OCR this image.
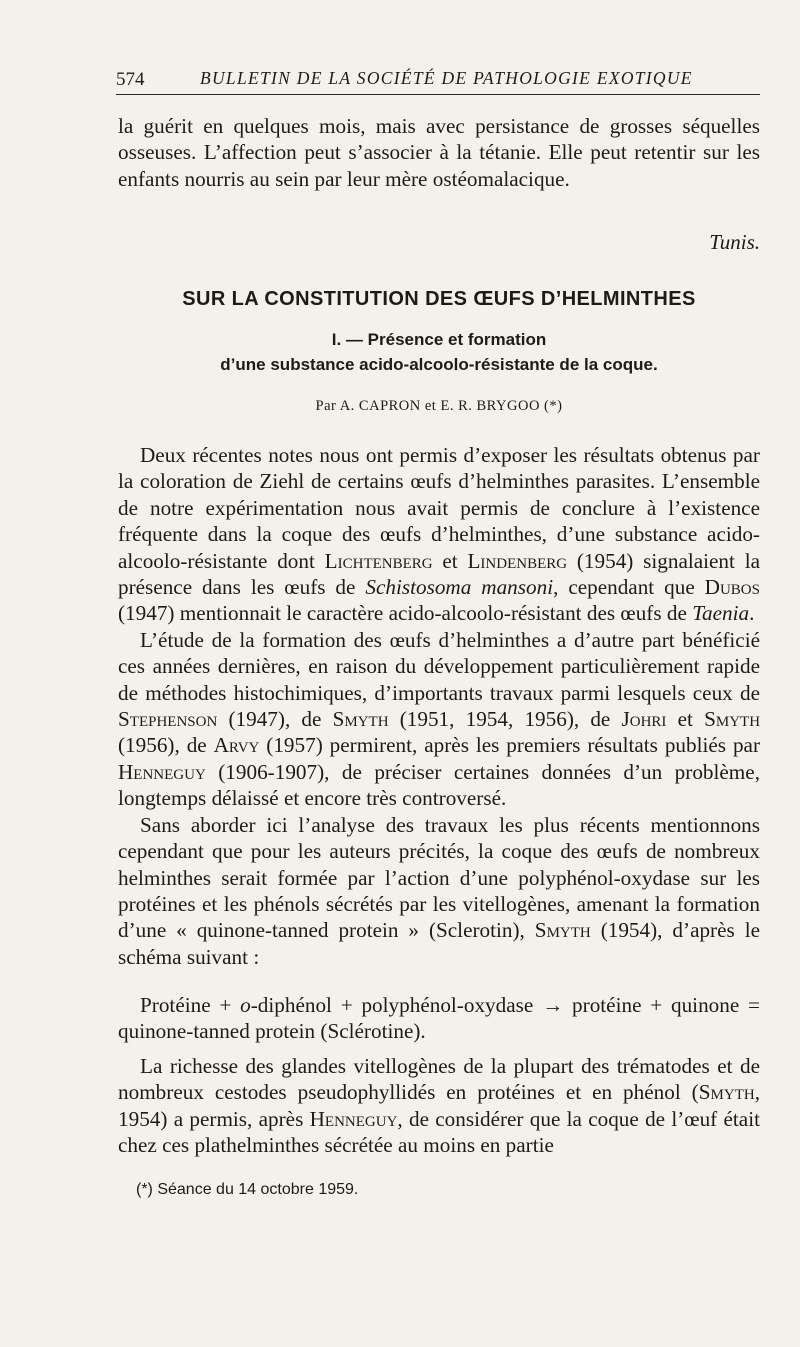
574	BULLETIN DE LA SOCIÉTÉ DE PATHOLOGIE EXOTIQUE

la guérit en quelques mois, mais avec persistance de grosses séquelles osseuses. L’affection peut s’associer à la tétanie. Elle peut retentir sur les enfants nourris au sein par leur mère ostéomalacique.

Tunis.
SUR LA CONSTITUTION DES ŒUFS D’HELMINTHES
I. — Présence et formation
d’une substance acido-alcoolo-résistante de la coque.
Par A. CAPRON et E. R. BRYGOO (*)

Deux récentes notes nous ont permis d’exposer les résultats obtenus par la coloration de Ziehl de certains œufs d’helminthes parasites. L’ensemble de notre expérimentation nous avait permis de conclure à l’existence fréquente dans la coque des œufs d’helminthes, d’une substance acido-alcoolo-résistante dont Lichtenberg et Lindenberg (1954) signalaient la présence dans les œufs de Schistosoma mansoni, cependant que Dubos (1947) mentionnait le caractère acido-alcoolo-résistant des œufs de Taenia.

L’étude de la formation des œufs d’helminthes a d’autre part bénéficié ces années dernières, en raison du développement particulièrement rapide de méthodes histochimiques, d’importants travaux parmi lesquels ceux de Stephenson (1947), de Smyth (1951, 1954, 1956), de Johri et Smyth (1956), de Arvy (1957) permirent, après les premiers résultats publiés par Henneguy (1906-1907), de préciser certaines données d’un problème, longtemps délaissé et encore très controversé.

Sans aborder ici l’analyse des travaux les plus récents mentionnons cependant que pour les auteurs précités, la coque des œufs de nombreux helminthes serait formée par l’action d’une polyphénol-oxydase sur les protéines et les phénols sécrétés par les vitellogènes, amenant la formation d’une « quinone-tanned protein » (Sclerotin), Smyth (1954), d’après le schéma suivant :

Protéine + o-diphénol + polyphénol-oxydase → protéine + quinone = quinone-tanned protein (Sclérotine).

La richesse des glandes vitellogènes de la plupart des trématodes et de nombreux cestodes pseudophyllidés en protéines et en phénol (Smyth, 1954) a permis, après Henneguy, de considérer que la coque de l’œuf était chez ces plathelminthes sécrétée au moins en partie

(*) Séance du 14 octobre 1959.
